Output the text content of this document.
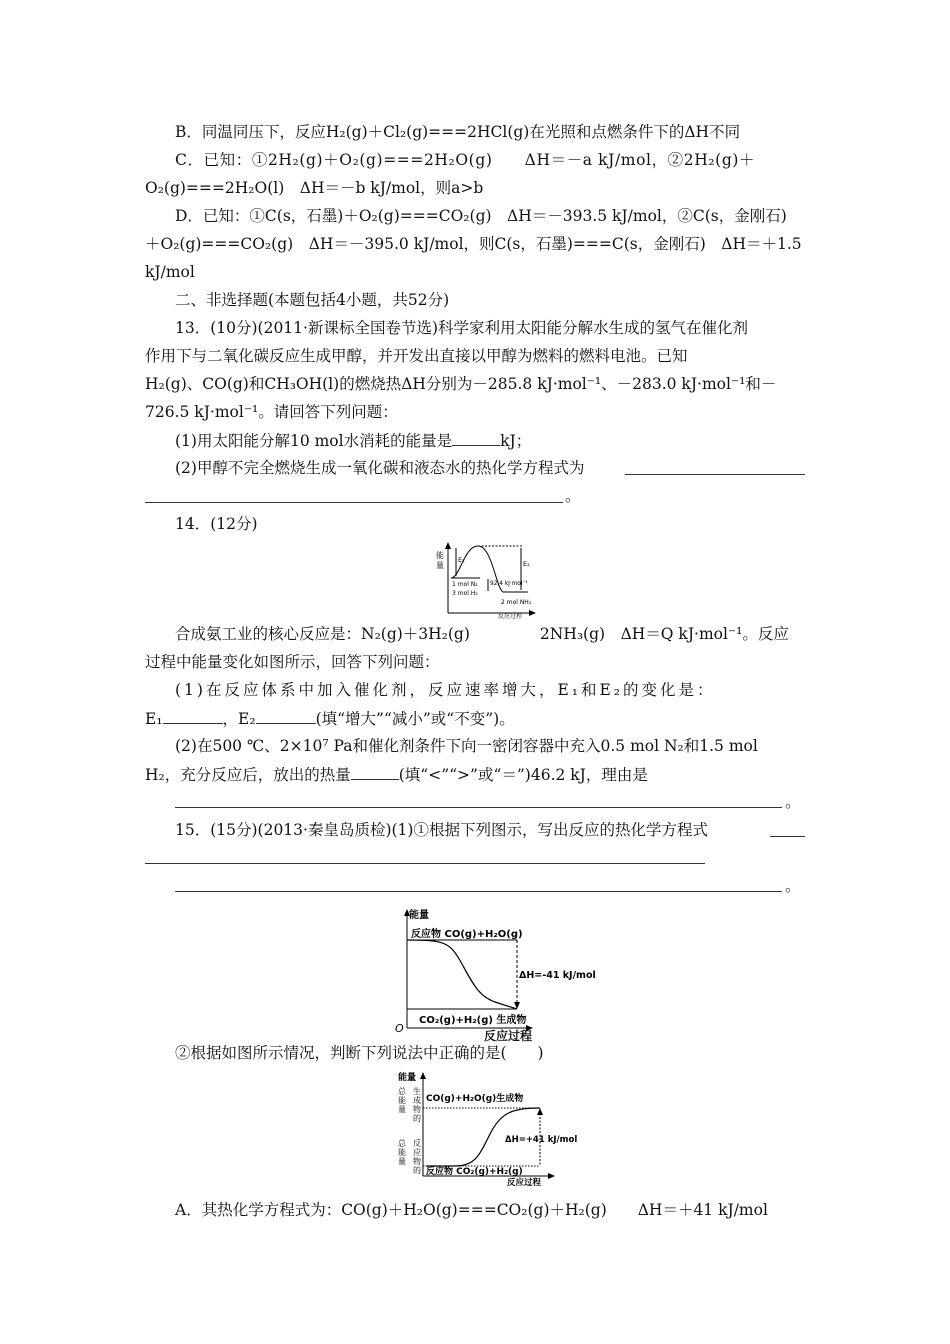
B．同温同压下，反应H₂(g)＋Cl₂(g)===2HCl(g)在光照和点燃条件下的ΔH不同
C．已知：①2H₂(g)＋O₂(g)===2H₂O(g)　　ΔH＝－a kJ/mol，②2H₂(g)＋
O₂(g)===2H₂O(l)　ΔH＝－b kJ/mol，则a>b
D．已知：①C(s，石墨)＋O₂(g)===CO₂(g)　ΔH＝－393.5 kJ/mol，②C(s，金刚石)
＋O₂(g)===CO₂(g)　ΔH＝－395.0 kJ/mol，则C(s，石墨)===C(s，金刚石)　ΔH＝＋1.5
kJ/mol
二、非选择题(本题包括4小题，共52分)
13．(10分)(2011·新课标全国卷节选)科学家利用太阳能分解水生成的氢气在催化剂
作用下与二氧化碳反应生成甲醇，并开发出直接以甲醇为燃料的燃料电池。已知
H₂(g)、CO(g)和CH₃OH(l)的燃烧热ΔH分别为－285.8 kJ·mol⁻¹、－283.0 kJ·mol⁻¹和－
726.5 kJ·mol⁻¹。请回答下列问题：
(1)用太阳能分解10 mol水消耗的能量是	kJ；
(2)甲醇不完全燃烧生成一氧化碳和液态水的热化学方程式为
。
14．(12分)
能
量
E₁	E₂
1 mol N₂
3 mol H₂
92.4 kJ·mol⁻¹
2 mol NH₃
反应过程
合成氨工业的核心反应是：N₂(g)＋3H₂(g)	2NH₃(g)　ΔH＝Q kJ·mol⁻¹。反应
过程中能量变化如图所示，回答下列问题：
(1)在反应体系中加入催化剂，反应速率增大，E₁和E₂的变化是：
E₁	，E₂	(填“增大”“减小”或“不变”)。
(2)在500 ℃、2×10⁷ Pa和催化剂条件下向一密闭容器中充入0.5 mol N₂和1.5 mol
H₂，充分反应后，放出的热量	(填“<”“>”或“＝”)46.2 kJ，理由是
。
15．(15分)(2013·秦皇岛质检)(1)①根据下列图示，写出反应的热化学方程式
。
能量
反应物 CO(g)+H₂O(g)
ΔH=-41 kJ/mol
CO₂(g)+H₂(g) 生成物
O
反应过程
②根据如图所示情况，判断下列说法中正确的是(　　)
能量
总
能
量
生
成
物
的
总
能
量
反
应
物
的
CO(g)+H₂O(g)生成物
ΔH=+41 kJ/mol
反应物 CO₂(g)+H₂(g)
反应过程
A．其热化学方程式为：CO(g)＋H₂O(g)===CO₂(g)＋H₂(g)　　ΔH＝＋41 kJ/mol
